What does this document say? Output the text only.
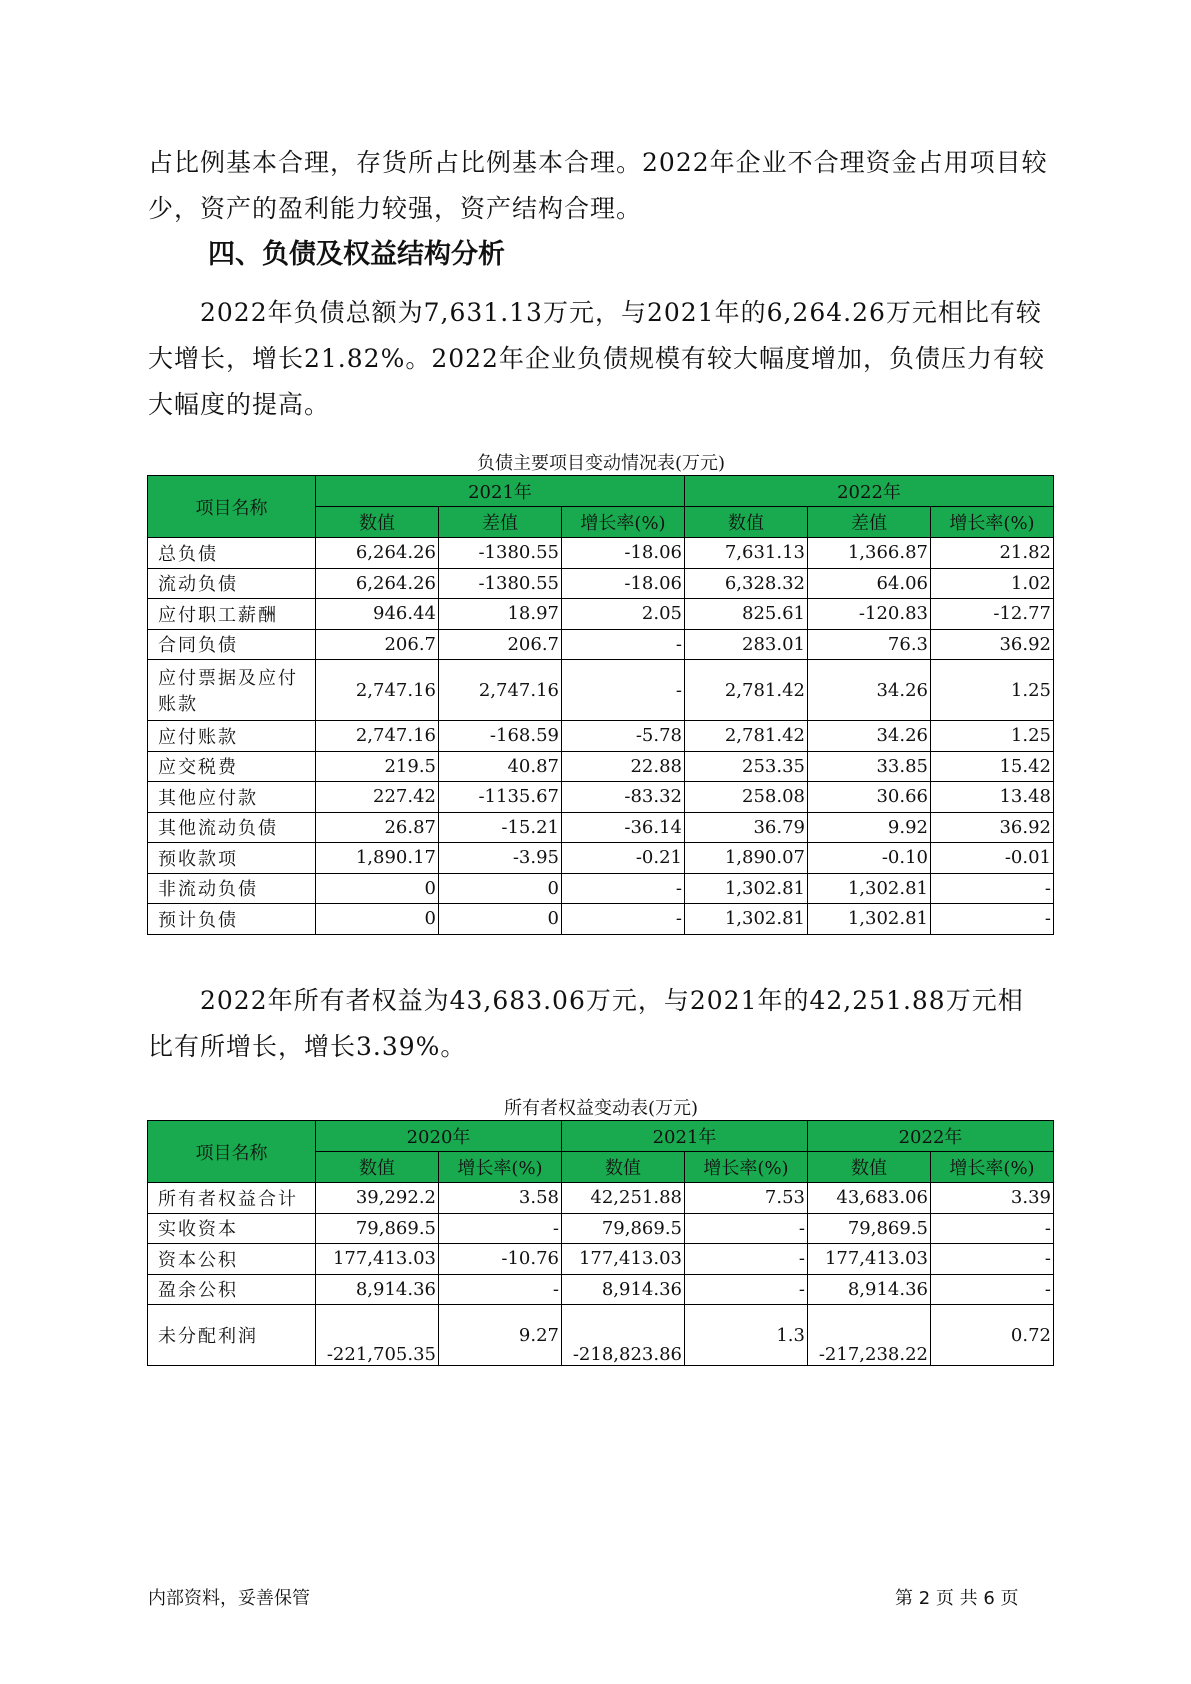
占比例基本合理，存货所占比例基本合理。2022年企业不合理资金占用项目较少，资产的盈利能力较强，资产结构合理。

四、负债及权益结构分析

2022年负债总额为7,631.13万元，与2021年的6,264.26万元相比有较大增长，增长21.82%。2022年企业负债规模有较大幅度增加，负债压力有较大幅度的提高。

负债主要项目变动情况表(万元)
项目名称	2021年			2022年		
	数值	差值	增长率(%)	数值	差值	增长率(%)
总负债	6,264.26	-1380.55	-18.06	7,631.13	1,366.87	21.82
流动负债	6,264.26	-1380.55	-18.06	6,328.32	64.06	1.02
应付职工薪酬	946.44	18.97	2.05	825.61	-120.83	-12.77
合同负债	206.7	206.7	-	283.01	76.3	36.92
应付票据及应付账款	2,747.16	2,747.16	-	2,781.42	34.26	1.25
应付账款	2,747.16	-168.59	-5.78	2,781.42	34.26	1.25
应交税费	219.5	40.87	22.88	253.35	33.85	15.42
其他应付款	227.42	-1135.67	-83.32	258.08	30.66	13.48
其他流动负债	26.87	-15.21	-36.14	36.79	9.92	36.92
预收款项	1,890.17	-3.95	-0.21	1,890.07	-0.10	-0.01
非流动负债	0	0	-	1,302.81	1,302.81	-
预计负债	0	0	-	1,302.81	1,302.81	-

2022年所有者权益为43,683.06万元，与2021年的42,251.88万元相比有所增长，增长3.39%。

所有者权益变动表(万元)
项目名称	2020年		2021年		2022年	
	数值	增长率(%)	数值	增长率(%)	数值	增长率(%)
所有者权益合计	39,292.2	3.58	42,251.88	7.53	43,683.06	3.39
实收资本	79,869.5	-	79,869.5	-	79,869.5	-
资本公积	177,413.03	-10.76	177,413.03	-	177,413.03	-
盈余公积	8,914.36	-	8,914.36	-	8,914.36	-
未分配利润	-221,705.35	9.27	-218,823.86	1.3	-217,238.22	0.72
内部资料，妥善保管	第 2 页 共 6 页
